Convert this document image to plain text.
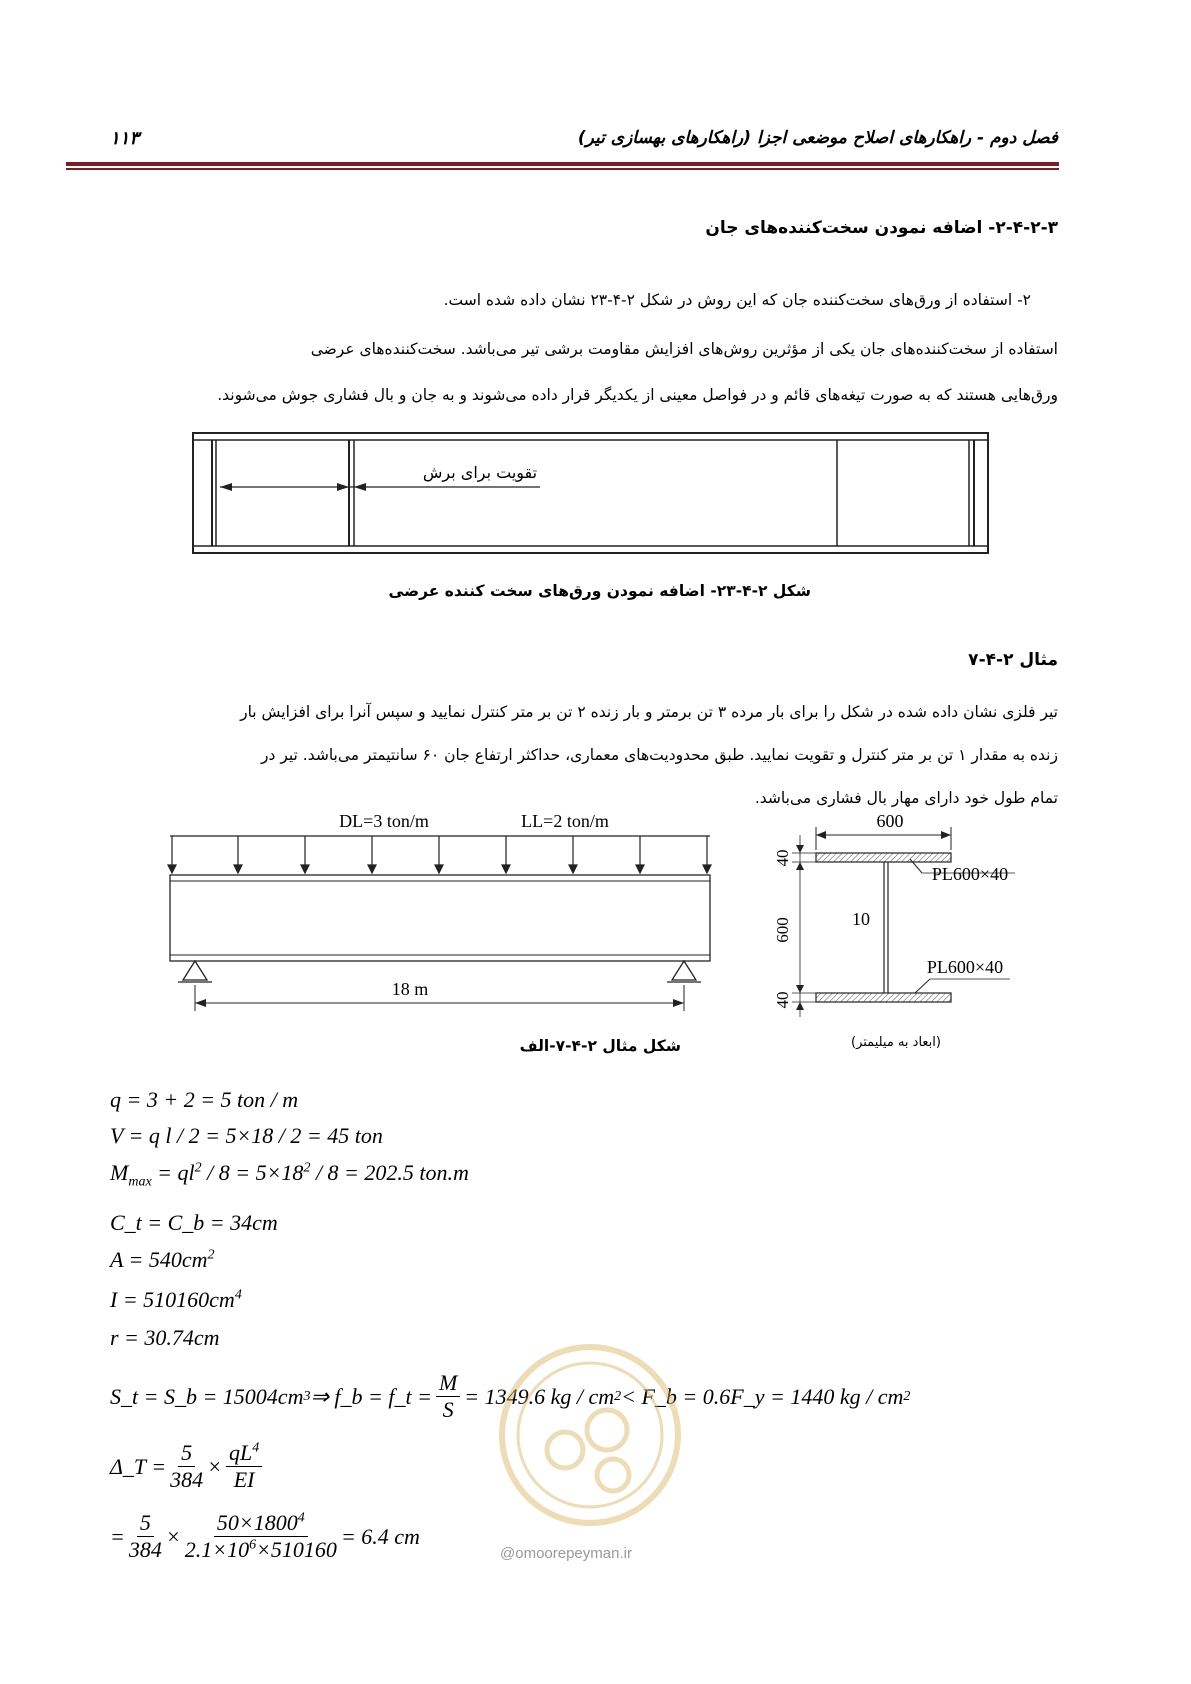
فصل دوم - راهکارهای اصلاح موضعی اجزا (راهکارهای بهسازی تیر)
۱۱۳
۲-۴-۲-۳- اضافه نمودن سخت‌کننده‌های جان
۲- استفاده از ورق‌های سخت‌کننده جان که این روش در شکل ۲-۴-۲۳ نشان داده شده است.
استفاده از سخت‌کننده‌های جان یکی از مؤثرین روش‌های افزایش مقاومت برشی تیر می‌باشد. سخت‌کننده‌های عرضی
ورق‌هایی هستند که به صورت تیغه‌های قائم و در فواصل معینی از یکدیگر قرار داده می‌شوند و به جان و بال فشاری جوش می‌شوند.
تقویت برای برش
شکل ۲-۴-۲۳- اضافه نمودن ورق‌های سخت کننده عرضی
مثال ۲-۴-۷
تیر فلزی نشان داده شده در شکل را برای بار مرده ۳ تن برمتر و بار زنده ۲ تن بر متر کنترل نمایید و سپس آنرا برای افزایش بار
زنده به مقدار ۱ تن بر متر کنترل و تقویت نمایید. طبق محدودیت‌های معماری، حداکثر ارتفاع جان ۶۰ سانتیمتر می‌باشد. تیر در
تمام طول خود دارای مهار بال فشاری می‌باشد.
DL=3 ton/m	LL=2 ton/m
18 m
شکل مثال ۲-۴-۷-الف
600
PL600×40
10
PL600×40
40
600
40
(ابعاد به میلیمتر)
q = 3 + 2 = 5 ton / m
V = q l / 2 = 5×18 / 2 = 45 ton
$M_{max} = ql^2 / 8 = 5\times 18^2 / 8 = 202.5$ ton.m
C_t = C_b = 34cm
$A = 540cm^2$
$I = 510160cm^4$
r = 30.74cm
S_t = S_b = 15004cm 3 ⇒ f_b = f_t = $\frac{M}{S} = 1349.6$ kg / cm 2 < F_b = 0.6F_y = 1440 kg / cm 2
Δ_T = $\frac{5}{384} \times \frac{qL^4}{EI}$
= $\frac{5}{384} \times \frac{50\times 1800^4}{2.1\times 10^6\times 510160} = 6.4$ cm
@omoorepeyman.ir
